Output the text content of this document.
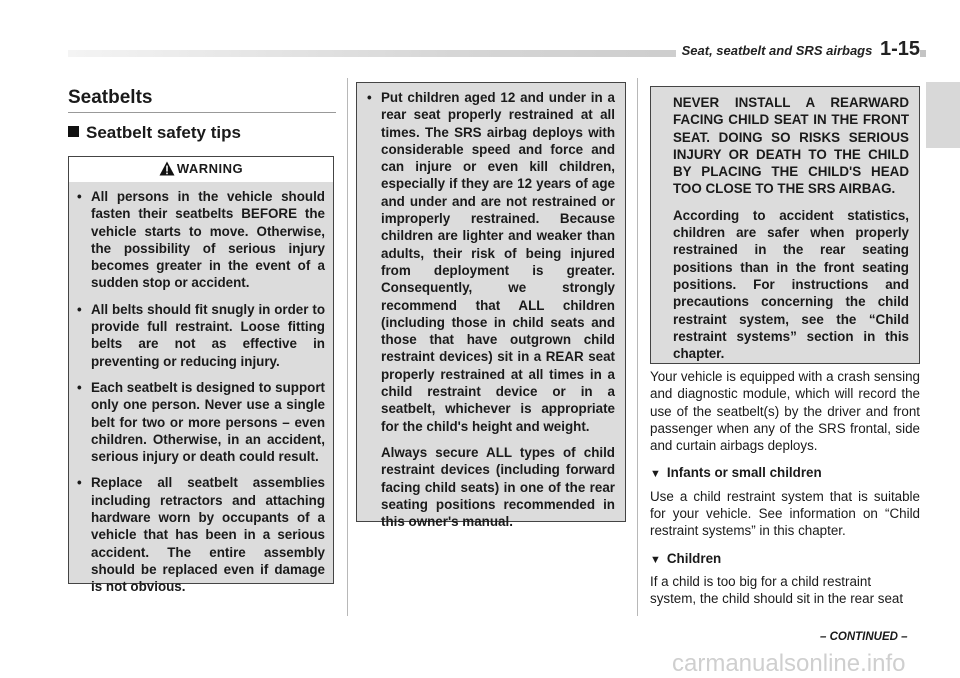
Seat, seatbelt and SRS airbags 1-15
Seatbelts
Seatbelt safety tips
WARNING
• All persons in the vehicle should fasten their seatbelts BEFORE the vehicle starts to move. Otherwise, the possibility of serious injury becomes greater in the event of a sudden stop or accident.
• All belts should fit snugly in order to provide full restraint. Loose fitting belts are not as effective in preventing or reducing injury.
• Each seatbelt is designed to support only one person. Never use a single belt for two or more persons – even children. Otherwise, in an accident, serious injury or death could result.
• Replace all seatbelt assemblies including retractors and attaching hardware worn by occupants of a vehicle that has been in a serious accident. The entire assembly should be replaced even if damage is not obvious.
• Put children aged 12 and under in a rear seat properly restrained at all times. The SRS airbag deploys with considerable speed and force and can injure or even kill children, especially if they are 12 years of age and under and are not restrained or improperly restrained. Because children are lighter and weaker than adults, their risk of being injured from deployment is greater. Consequently, we strongly recommend that ALL children (including those in child seats and those that have outgrown child restraint devices) sit in a REAR seat properly restrained at all times in a child restraint device or in a seatbelt, whichever is appropriate for the child's height and weight.

Always secure ALL types of child restraint devices (including forward facing child seats) in one of the rear seating positions recommended in this owner's manual.

NEVER INSTALL A REARWARD FACING CHILD SEAT IN THE FRONT SEAT. DOING SO RISKS SERIOUS INJURY OR DEATH TO THE CHILD BY PLACING THE CHILD'S HEAD TOO CLOSE TO THE SRS AIRBAG.

According to accident statistics, children are safer when properly restrained in the rear seating positions than in the front seating positions. For instructions and precautions concerning the child restraint system, see the “Child restraint systems” section in this chapter.

Your vehicle is equipped with a crash sensing and diagnostic module, which will record the use of the seatbelt(s) by the driver and front passenger when any of the SRS frontal, side and curtain airbags deploys.

▼ Infants or small children

Use a child restraint system that is suitable for your vehicle. See information on “Child restraint systems” in this chapter.

▼ Children

If a child is too big for a child restraint system, the child should sit in the rear seat

– CONTINUED –
carmanualsonline.info
